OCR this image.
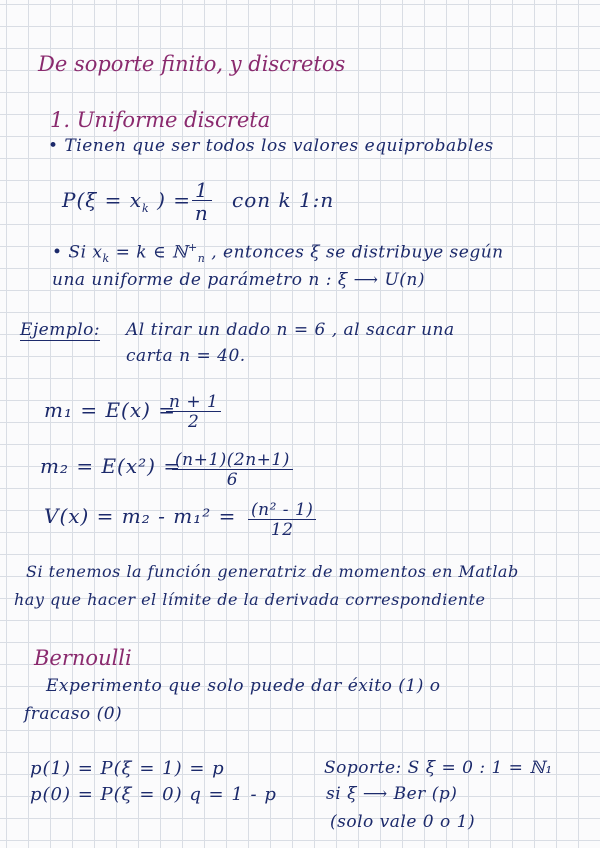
De soporte finito, y discretos
1. Uniforme discreta
• Tienen que ser todos los valores equiprobables
$P(\xi = x_k$ ) = $\frac{1}{n}$ con k 1:n
• Si $x_k = k$ ∈ ℕ+$_n$ , entonces ξ se distribuye según
una uniforme de parámetro n : ξ ⟶ U(n)
Ejemplo: Al tirar un dado n = 6 , al sacar una
carta n = 40.
m₁ = E(x) =
$\frac{n + 1}{2}$
m₂ = E(x²) =
$\frac{(n+1)(2n+1)}{6}$
$V(x) = m_2 - m_1^2 = \frac{\text{(n² - 1)}}{12}$
Si tenemos la función generatriz de momentos en Matlab
hay que hacer el límite de la derivada correspondiente
Bernoulli
Experimento que solo puede dar éxito (1) o
fracaso (0)
p(1) = P(ξ = 1) = p
p(0) = P(ξ = 0) q = 1 - p
Soporte: S ξ = 0 : 1 = ℕ₁
si ξ ⟶ Ber (p)
(solo vale 0 o 1)
